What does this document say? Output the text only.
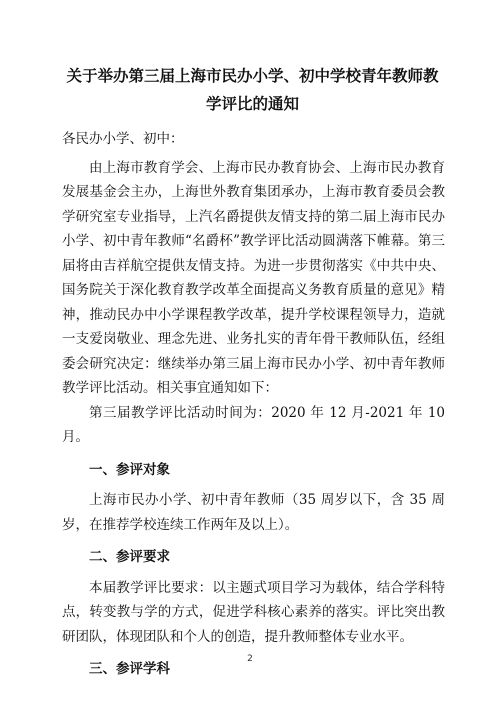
关于举办第三届上海市民办小学、初中学校青年教师教学评比的通知

各民办小学、初中：

由上海市教育学会、上海市民办教育协会、上海市民办教育发展基金会主办，上海世外教育集团承办，上海市教育委员会教学研究室专业指导，上汽名爵提供友情支持的第二届上海市民办小学、初中青年教师“名爵杯”教学评比活动圆满落下帷幕。第三届将由吉祥航空提供友情支持。为进一步贯彻落实《中共中央、国务院关于深化教育教学改革全面提高义务教育质量的意见》精神，推动民办中小学课程教学改革，提升学校课程领导力，造就一支爱岗敬业、理念先进、业务扎实的青年骨干教师队伍，经组委会研究决定：继续举办第三届上海市民办小学、初中青年教师教学评比活动。相关事宜通知如下：

第三届教学评比活动时间为：2020 年 12 月-2021 年 10 月。

一、参评对象

上海市民办小学、初中青年教师（35 周岁以下，含 35 周岁，在推荐学校连续工作两年及以上）。

二、参评要求

本届教学评比要求：以主题式项目学习为载体，结合学科特点，转变教与学的方式，促进学科核心素养的落实。评比突出教研团队，体现团队和个人的创造，提升教师整体专业水平。

三、参评学科

2
